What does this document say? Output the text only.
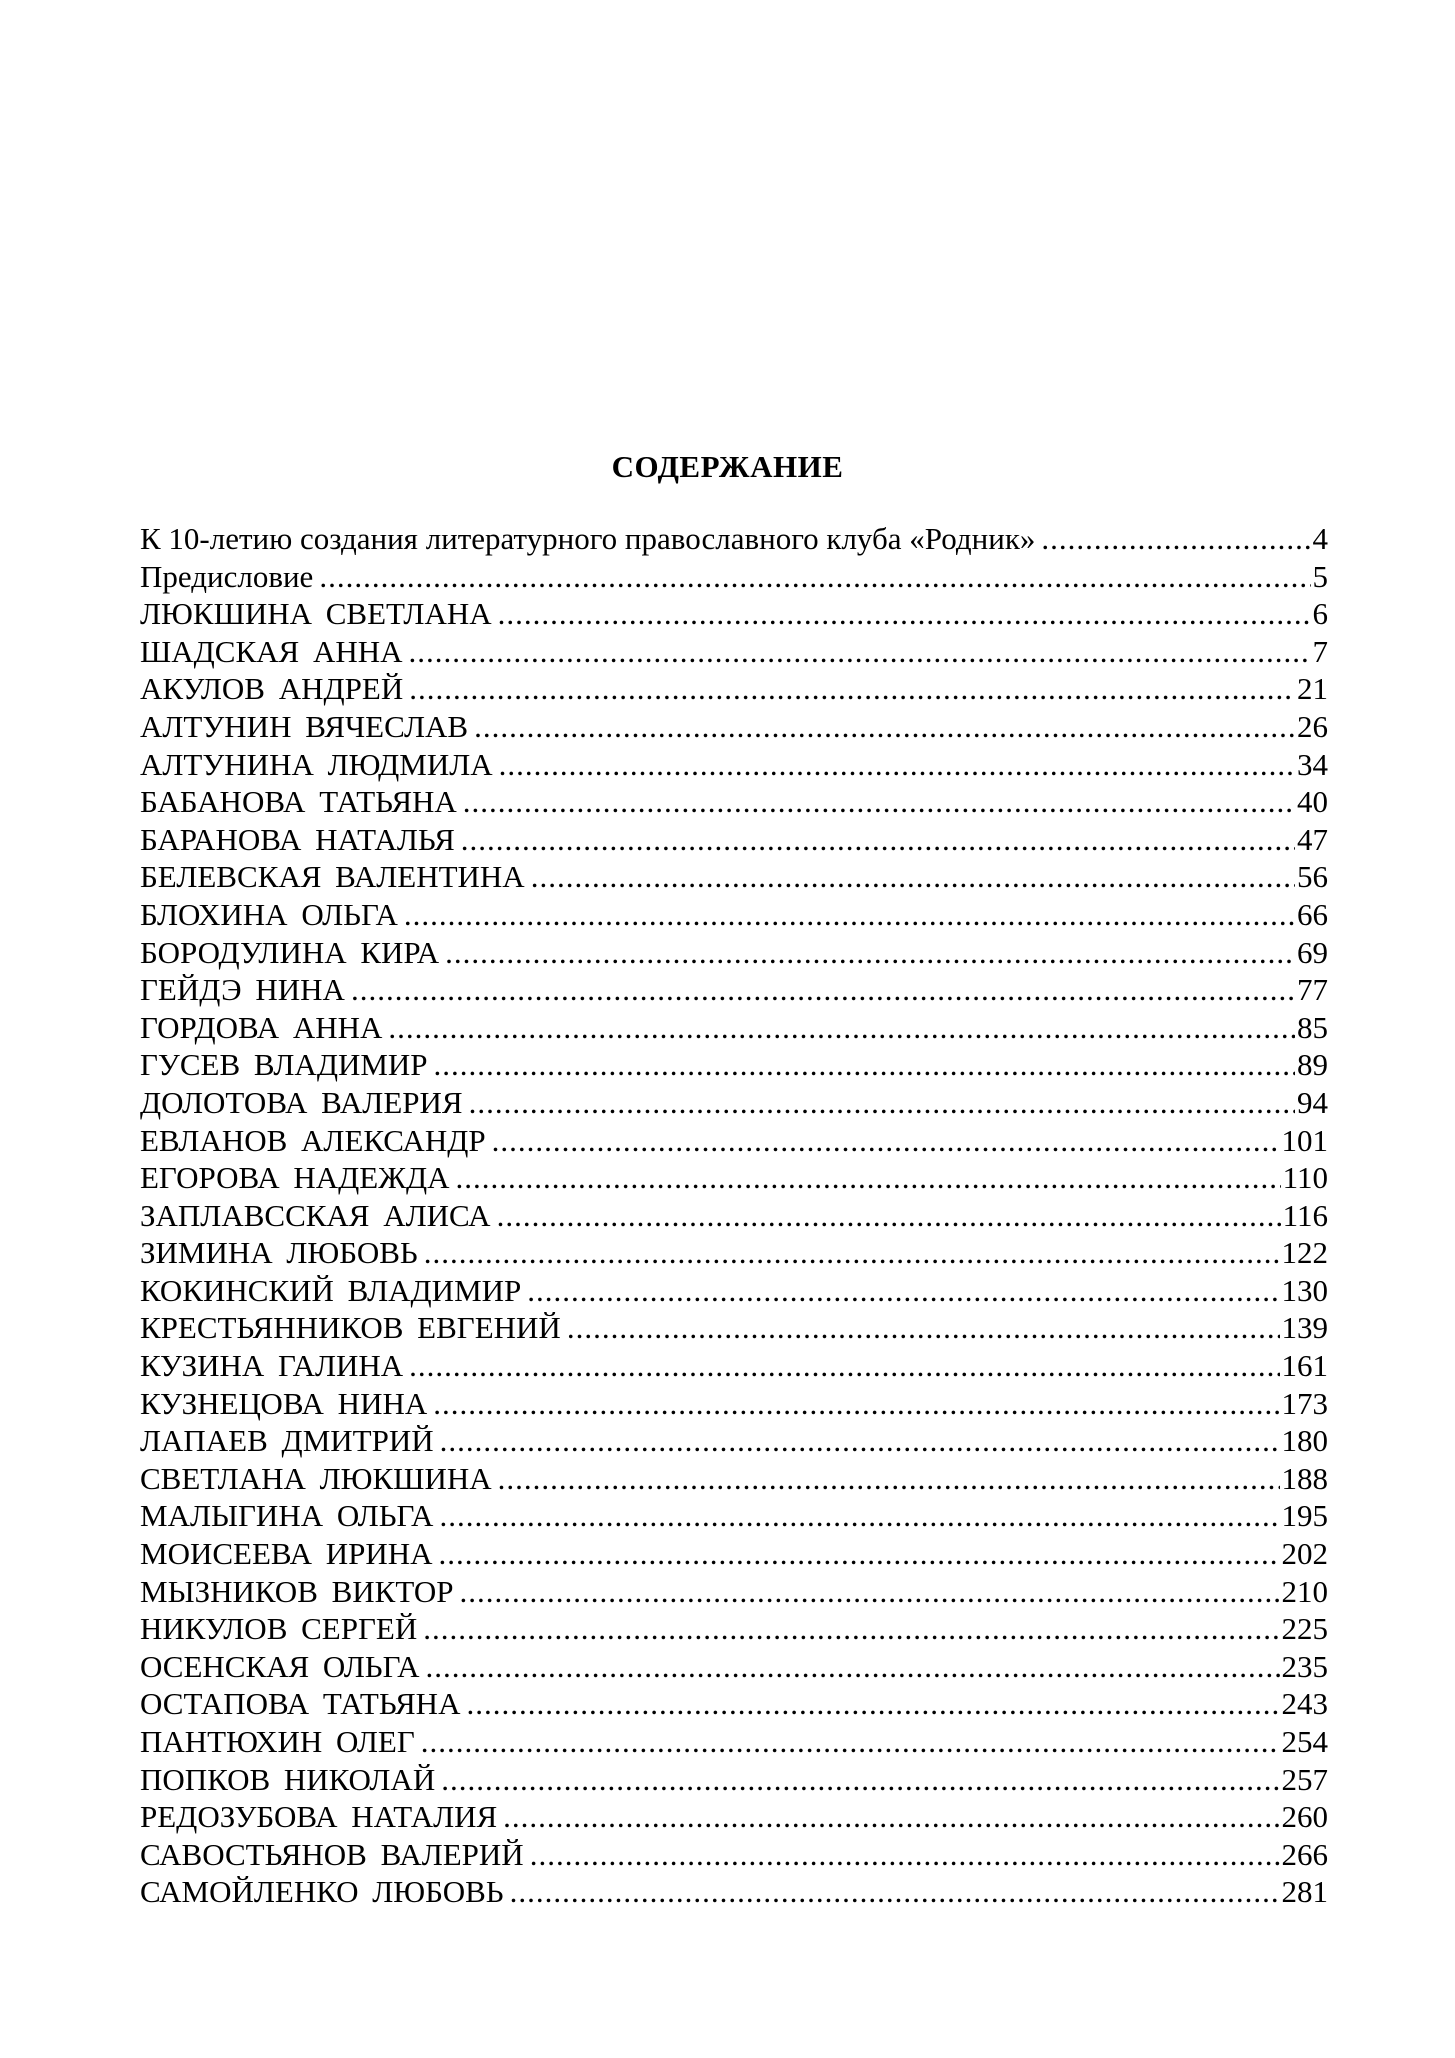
СОДЕРЖАНИЕ
К 10-летию создания литературного православного клуба «Родник» .....	4
Предисловие .....	5
ЛЮКШИНА СВЕТЛАНА .....	6
ШАДСКАЯ АННА .....	7
АКУЛОВ АНДРЕЙ .....	21
АЛТУНИН ВЯЧЕСЛАВ .....	26
АЛТУНИНА ЛЮДМИЛА .....	34
БАБАНОВА ТАТЬЯНА .....	40
БАРАНОВА НАТАЛЬЯ .....	47
БЕЛЕВСКАЯ ВАЛЕНТИНА .....	56
БЛОХИНА ОЛЬГА .....	66
БОРОДУЛИНА КИРА .....	69
ГЕЙДЭ НИНА .....	77
ГОРДОВА АННА .....	85
ГУСЕВ ВЛАДИМИР .....	89
ДОЛОТОВА ВАЛЕРИЯ .....	94
ЕВЛАНОВ АЛЕКСАНДР .....	101
ЕГОРОВА НАДЕЖДА .....	110
ЗАПЛАВССКАЯ АЛИСА .....	116
ЗИМИНА ЛЮБОВЬ .....	122
КОКИНСКИЙ ВЛАДИМИР .....	130
КРЕСТЬЯННИКОВ ЕВГЕНИЙ .....	139
КУЗИНА ГАЛИНА .....	161
КУЗНЕЦОВА НИНА .....	173
ЛАПАЕВ ДМИТРИЙ .....	180
СВЕТЛАНА ЛЮКШИНА .....	188
МАЛЫГИНА ОЛЬГА .....	195
МОИСЕЕВА ИРИНА .....	202
МЫЗНИКОВ ВИКТОР .....	210
НИКУЛОВ СЕРГЕЙ .....	225
ОСЕНСКАЯ ОЛЬГА .....	235
ОСТАПОВА ТАТЬЯНА .....	243
ПАНТЮХИН ОЛЕГ .....	254
ПОПКОВ НИКОЛАЙ .....	257
РЕДОЗУБОВА НАТАЛИЯ .....	260
САВОСТЬЯНОВ ВАЛЕРИЙ .....	266
САМОЙЛЕНКО ЛЮБОВЬ .....	281
